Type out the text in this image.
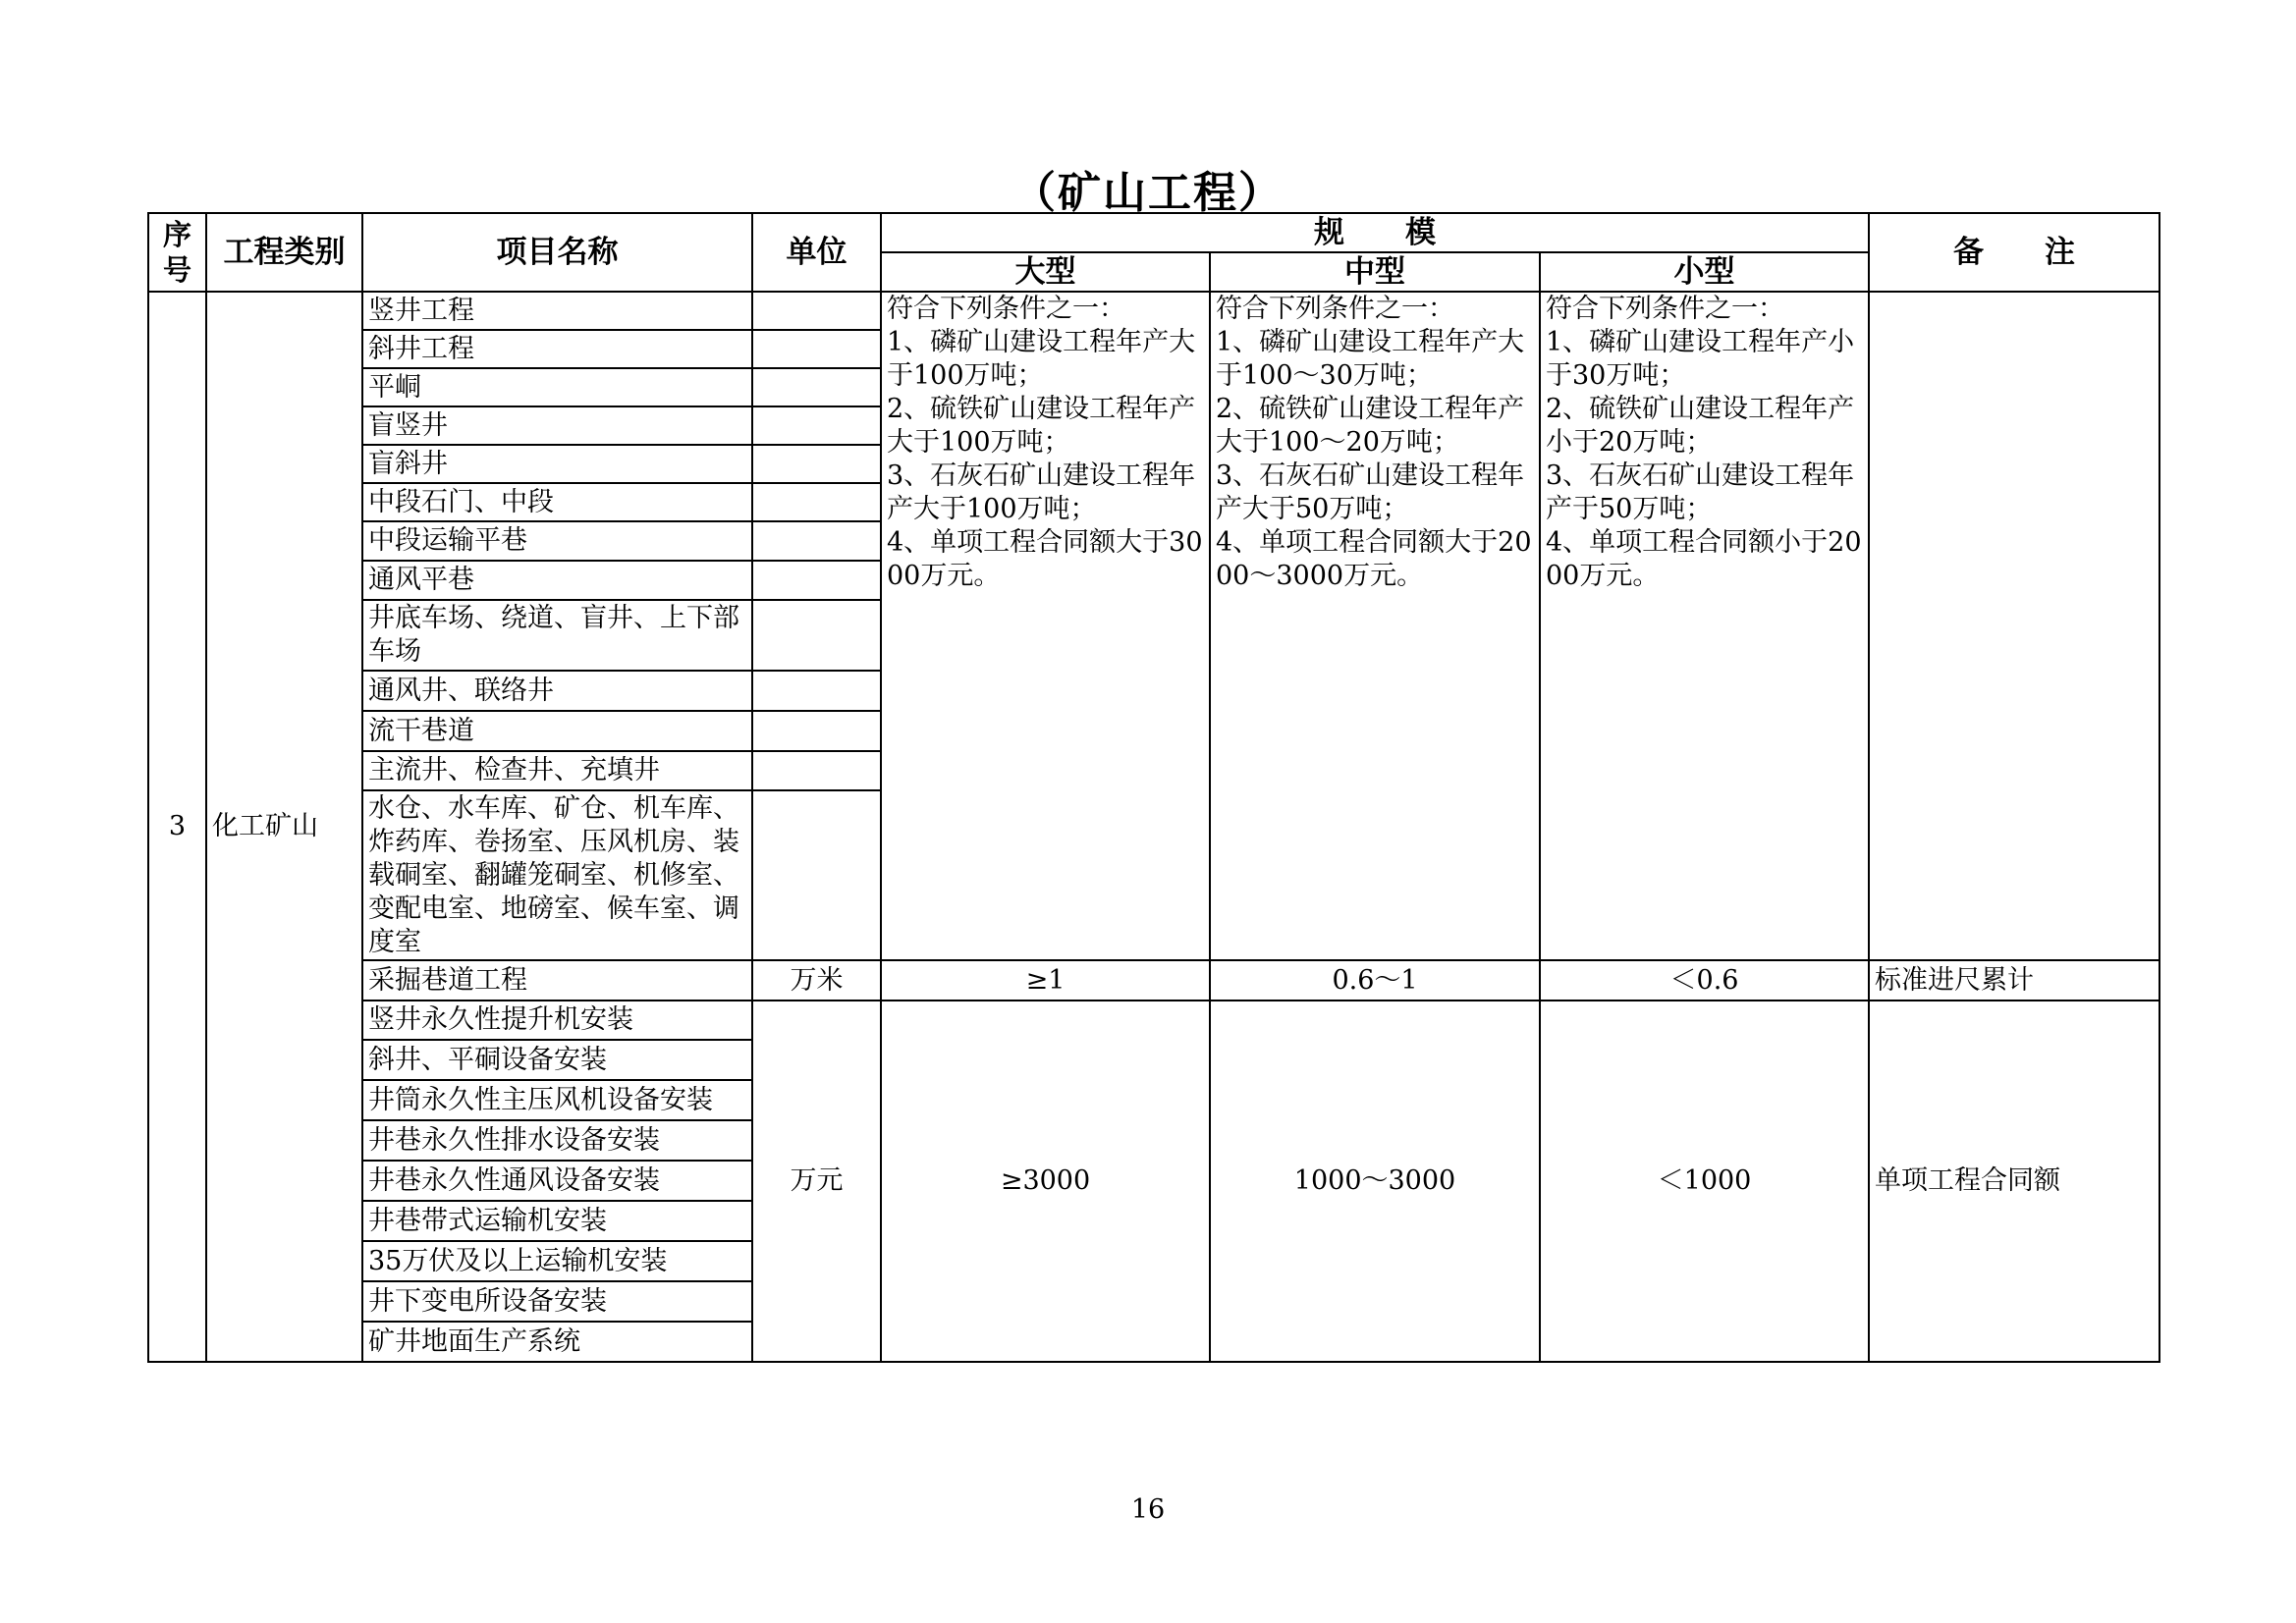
（矿山工程）
序号	工程类别	项目名称	单位	规　　模			备　　注
				大型	中型	小型	
3	化工矿山	竖井工程		符合下列条件之一：
1、磷矿山建设工程年产大于100万吨；
2、硫铁矿山建设工程年产大于100万吨；
3、石灰石矿山建设工程年产大于100万吨；
4、单项工程合同额大于3000万元。	符合下列条件之一：
1、磷矿山建设工程年产大于100～30万吨；
2、硫铁矿山建设工程年产大于100～20万吨；
3、石灰石矿山建设工程年产大于50万吨；
4、单项工程合同额大于2000～3000万元。	符合下列条件之一：
1、磷矿山建设工程年产小于30万吨；
2、硫铁矿山建设工程年产小于20万吨；
3、石灰石矿山建设工程年产于50万吨；
4、单项工程合同额小于2000万元。	
		斜井工程					
		平峒					
		盲竖井					
		盲斜井					
		中段石门、中段					
		中段运输平巷					
		通风平巷					
		井底车场、绕道、盲井、上下部车场					
		通风井、联络井					
		流干巷道					
		主流井、检查井、充填井					
		水仓、水车库、矿仓、机车库、炸药库、卷扬室、压风机房、装载硐室、翻罐笼硐室、机修室、变配电室、地磅室、候车室、调度室					
		采掘巷道工程	万米	≥1	0.6～1	＜0.6	标准进尺累计
		竖井永久性提升机安装	万元	≥3000	1000～3000	＜1000	单项工程合同额
		斜井、平硐设备安装					
		井筒永久性主压风机设备安装					
		井巷永久性排水设备安装					
		井巷永久性通风设备安装					
		井巷带式运输机安装					
		35万伏及以上运输机安装					
		井下变电所设备安装					
		矿井地面生产系统					
16
